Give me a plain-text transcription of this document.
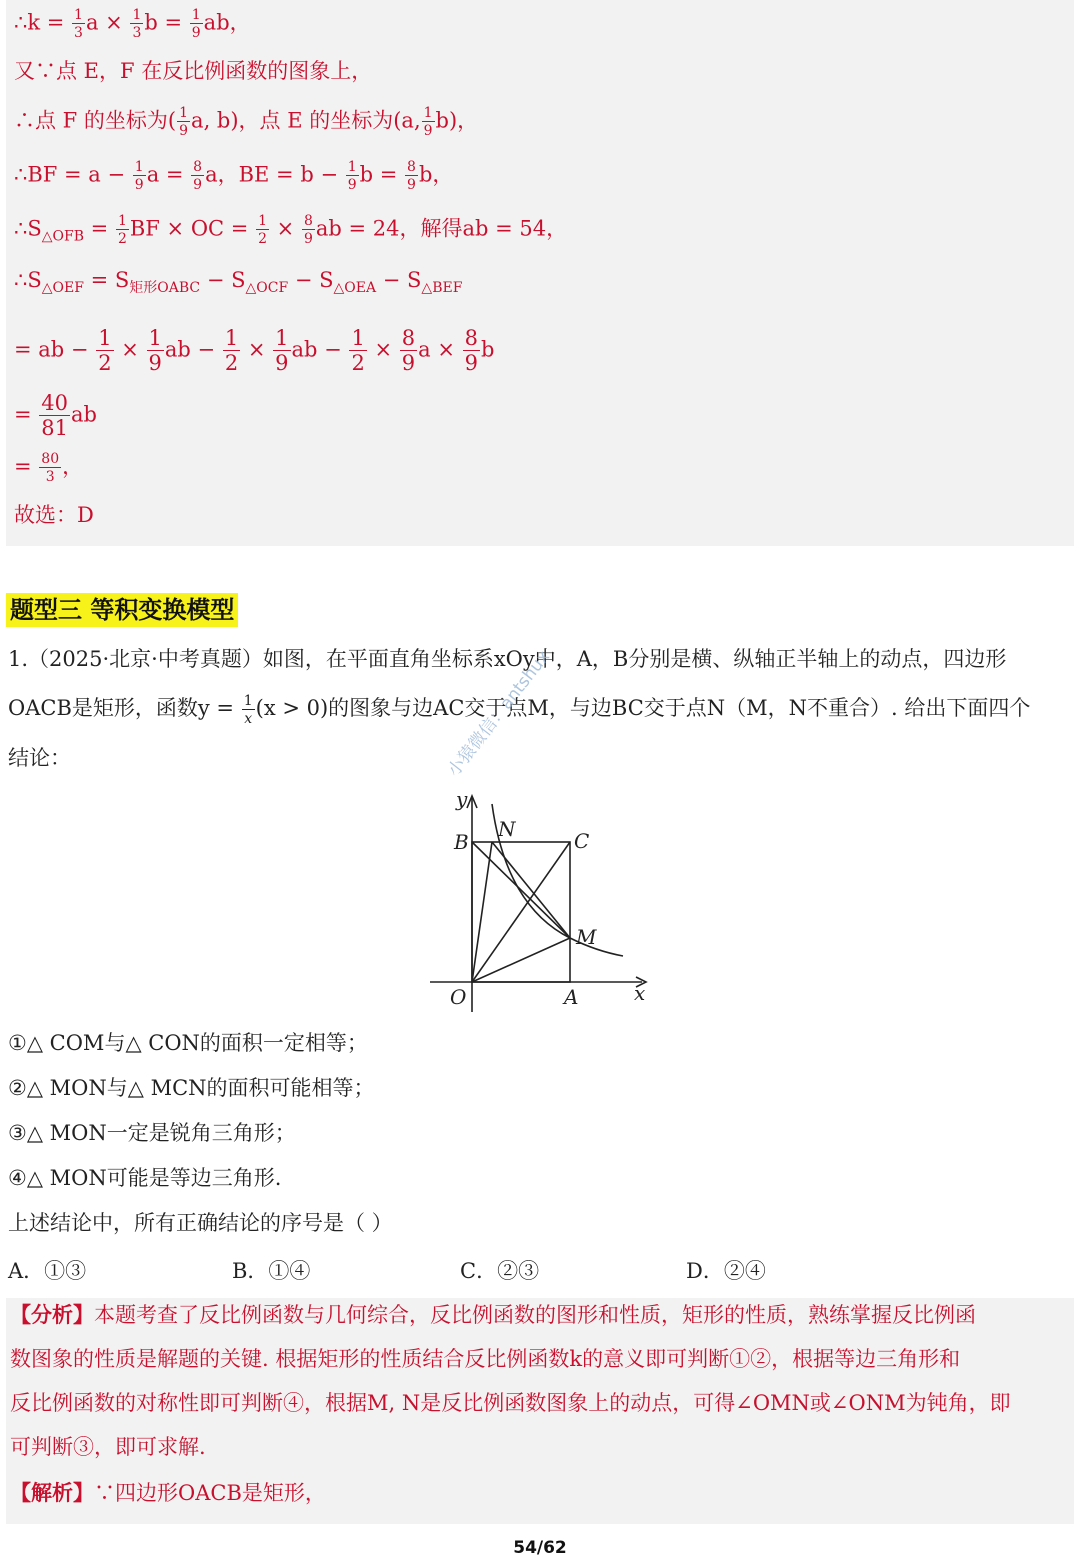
∴k = $\frac{1}{3}$ $a \times \frac{1}{3}$ $b = \frac{1}{9}$ ab，
又∵点 E，F 在反比例函数的图象上，
∴点 F 的坐标为( $\frac{1}{9} a$, b)，点 E 的坐标为(a, $\frac{1}{9} b$)，
∴BF = $a - \frac{1}{9}$ $a = \frac{8}{9}$ a，BE = $b - \frac{1}{9}$ $b = \frac{8}{9}$ b，
$\therefore S_{\triangle OFB} = \frac{1}{2}$ BF × OC = $\frac{1}{2} \times \frac{8}{9}$ ab = 24，解得ab = 54，
$\therefore S_{\triangle OEF} = S_{矩形OABC} - S_{\triangle OCF} - S_{\triangle OEA} - S_{\triangle BEF}$
= ab − $\frac{1}{2} \times \frac{1}{9}$ ab − $\frac{1}{2} \times \frac{1}{9}$ ab − $\frac{1}{2} \times \frac{8}{9}$ $a \times \frac{8}{9}$ b
= $\frac{40}{81}$ ab
= $\frac{80}{3}$ ，
故选：D
题型三 等积变换模型
1.（2025·北京·中考真题）如图，在平面直角坐标系xOy中，A，B分别是横、纵轴正半轴上的动点，四边形
OACB是矩形，函数$y = \frac{1}{x} (x > 0)$的图象与边AC交于点M，与边BC交于点N（M，N不重合）. 给出下面四个
结论：	小猿微信：antshux
y
B
N	C
M
O	A	x
①△ COM与△ CON的面积一定相等；
②△ MON与△ MCN的面积可能相等；
③△ MON一定是锐角三角形；
④△ MON可能是等边三角形.
上述结论中，所有正确结论的序号是（ ）
A．①③	B．①④	C．②③	D．②④
【分析】本题考查了反比例函数与几何综合，反比例函数的图形和性质，矩形的性质，熟练掌握反比例函
数图象的性质是解题的关键. 根据矩形的性质结合反比例函数k的意义即可判断①②，根据等边三角形和
反比例函数的对称性即可判断④，根据M, N是反比例函数图象上的动点，可得∠OMN或∠ONM为钝角，即
可判断③，即可求解.
【解析】∵四边形OACB是矩形，
54/62
